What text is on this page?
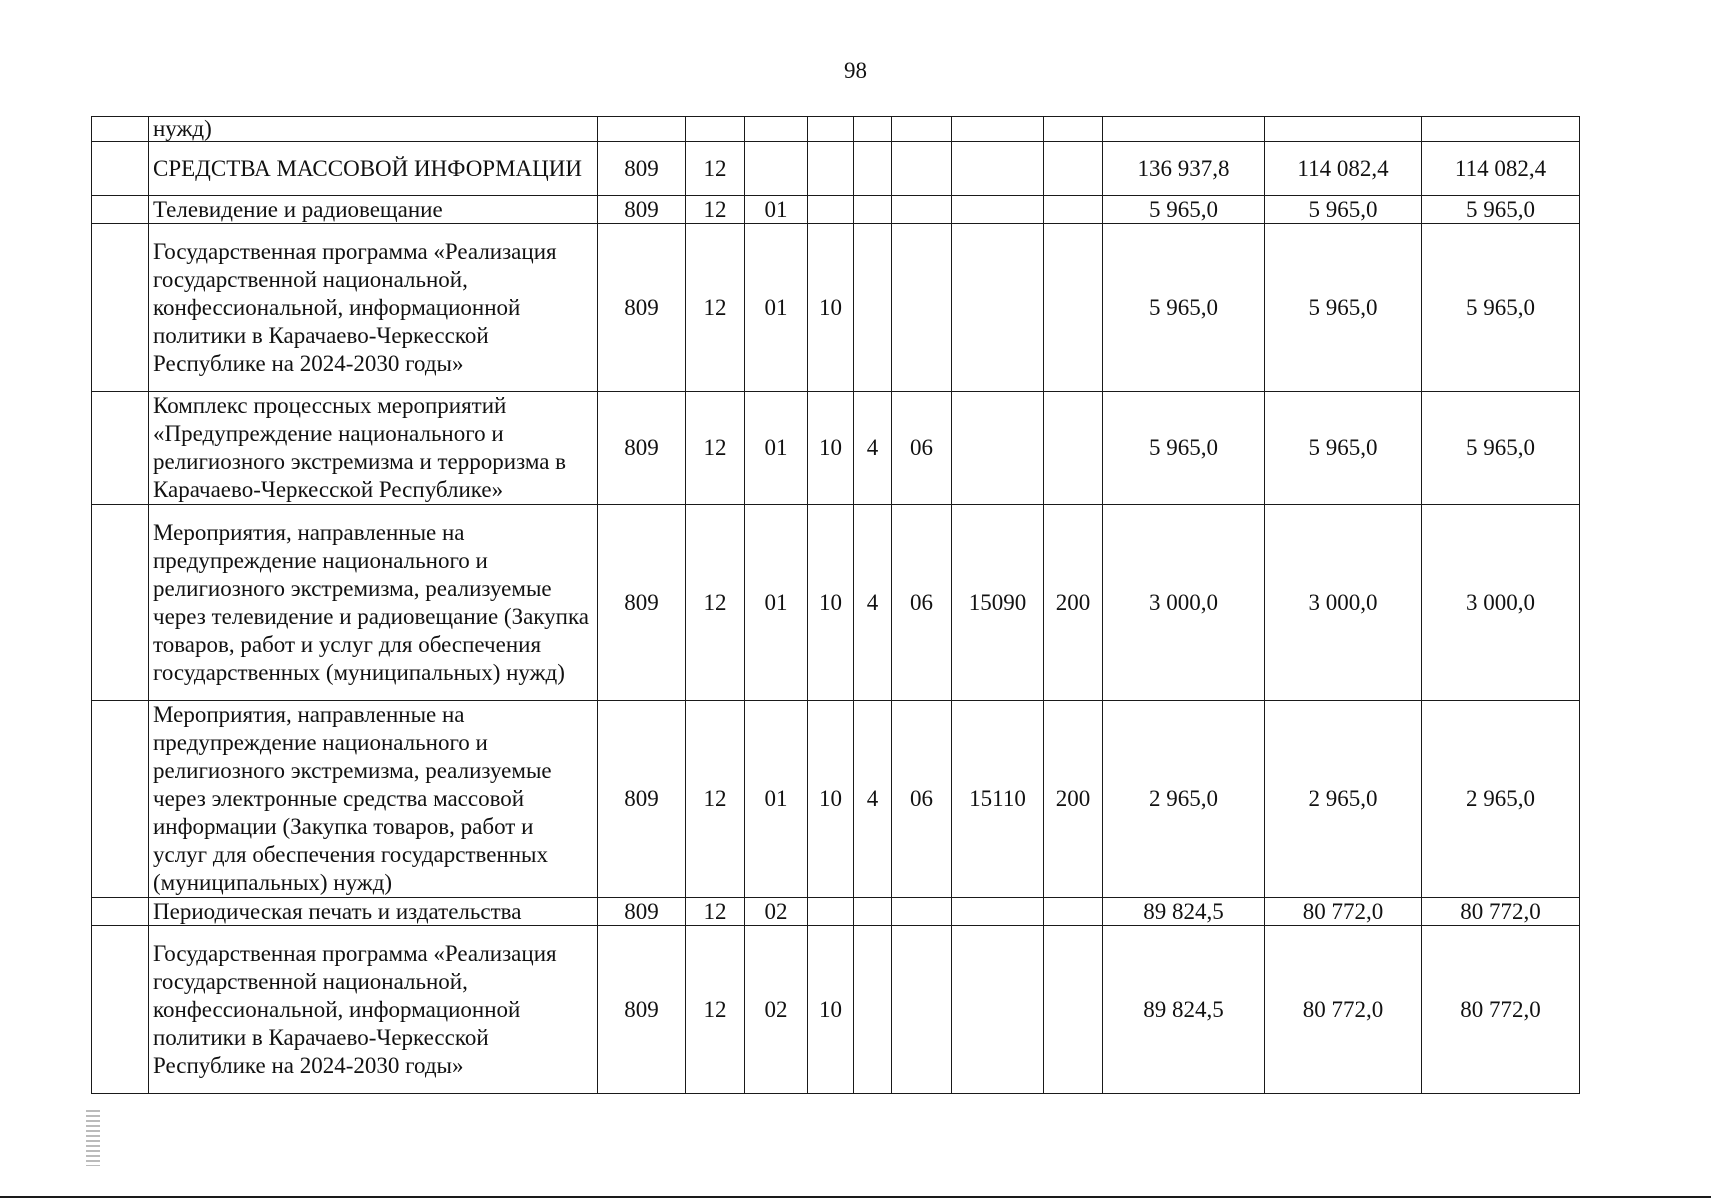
98
	нужд)											
	СРЕДСТВА МАССОВОЙ ИНФОРМАЦИИ	809	12							136 937,8	114 082,4	114 082,4
	Телевидение и радиовещание	809	12	01						5 965,0	5 965,0	5 965,0
	Государственная программа «Реализация государственной национальной, конфессиональной, информационной политики в Карачаево-Черкесской Республике на 2024-2030 годы»	809	12	01	10					5 965,0	5 965,0	5 965,0
	Комплекс процессных мероприятий «Предупреждение национального и религиозного экстремизма и терроризма в Карачаево-Черкесской Республике»	809	12	01	10	4	06			5 965,0	5 965,0	5 965,0
	Мероприятия, направленные на предупреждение национального и религиозного экстремизма, реализуемые через телевидение и радиовещание (Закупка товаров, работ и услуг для обеспечения государственных (муниципальных) нужд)	809	12	01	10	4	06	15090	200	3 000,0	3 000,0	3 000,0
	Мероприятия, направленные на предупреждение национального и религиозного экстремизма, реализуемые через электронные средства массовой информации (Закупка товаров, работ и услуг для обеспечения государственных (муниципальных) нужд)	809	12	01	10	4	06	15110	200	2 965,0	2 965,0	2 965,0
	Периодическая печать и издательства	809	12	02						89 824,5	80 772,0	80 772,0
	Государственная программа «Реализация государственной национальной, конфессиональной, информационной политики в Карачаево-Черкесской Республике на 2024-2030 годы»	809	12	02	10					89 824,5	80 772,0	80 772,0
